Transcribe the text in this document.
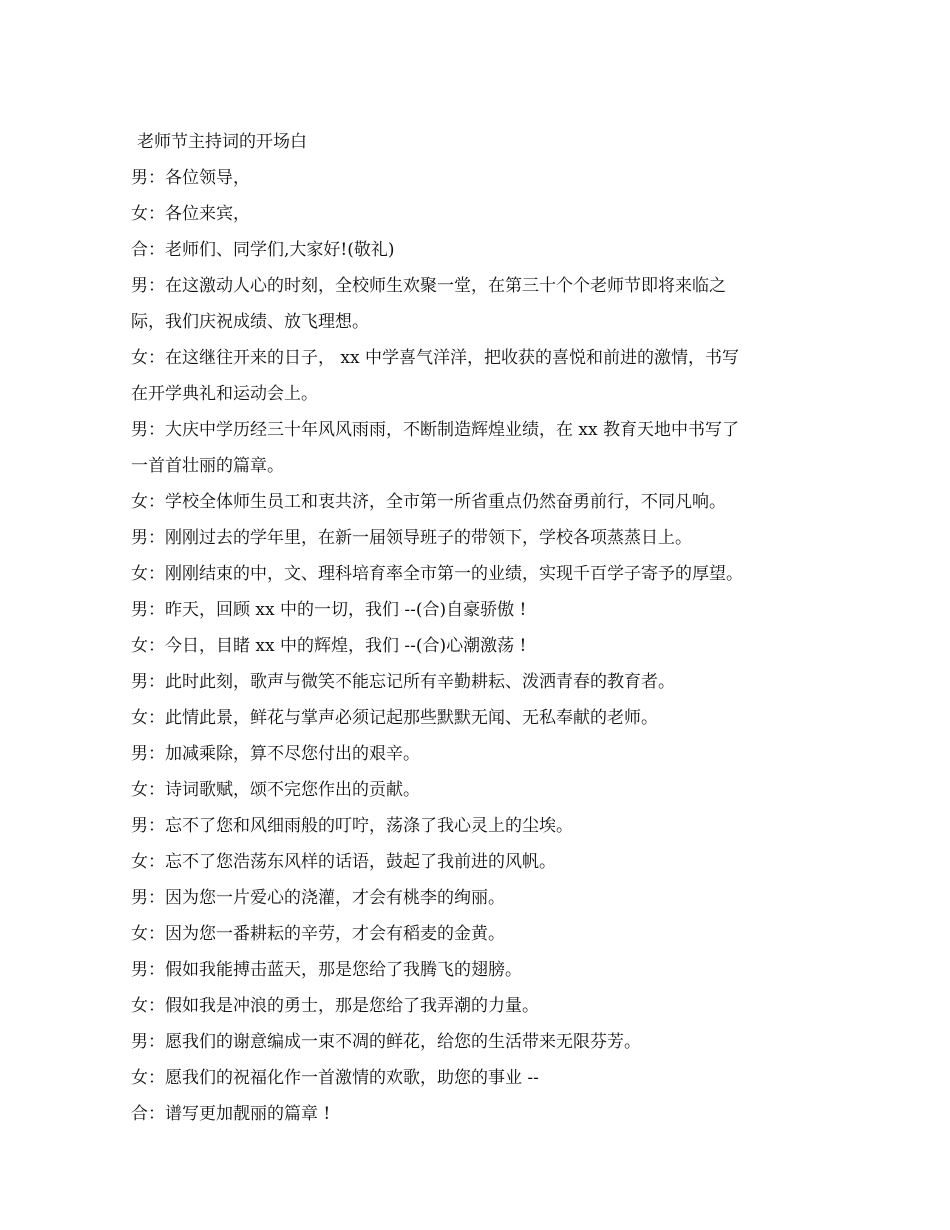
老师节主持词的开场白

男：各位领导，

女：各位来宾，

合：老师们、同学们,大家好!(敬礼)

男：在这激动人心的时刻，全校师生欢聚一堂，在第三十个个老师节即将来临之

际，我们庆祝成绩、放飞理想。

女：在这继往开来的日子， xx 中学喜气洋洋，把收获的喜悦和前进的激情，书写

在开学典礼和运动会上。

男：大庆中学历经三十年风风雨雨，不断制造辉煌业绩，在 xx 教育天地中书写了

一首首壮丽的篇章。

女：学校全体师生员工和衷共济，全市第一所省重点仍然奋勇前行，不同凡响。

男：刚刚过去的学年里，在新一届领导班子的带领下，学校各项蒸蒸日上。

女：刚刚结束的中，文、理科培育率全市第一的业绩，实现千百学子寄予的厚望。

男：昨天，回顾 xx 中的一切，我们 --(合)自豪骄傲 !

女：今日，目睹 xx 中的辉煌，我们 --(合)心潮激荡 !

男：此时此刻，歌声与微笑不能忘记所有辛勤耕耘、泼洒青春的教育者。

女：此情此景，鲜花与掌声必须记起那些默默无闻、无私奉献的老师。

男：加减乘除，算不尽您付出的艰辛。

女：诗词歌赋，颂不完您作出的贡献。

男：忘不了您和风细雨般的叮咛，荡涤了我心灵上的尘埃。

女：忘不了您浩荡东风样的话语，鼓起了我前进的风帆。

男：因为您一片爱心的浇灌，才会有桃李的绚丽。

女：因为您一番耕耘的辛劳，才会有稻麦的金黄。

男：假如我能搏击蓝天，那是您给了我腾飞的翅膀。

女：假如我是冲浪的勇士，那是您给了我弄潮的力量。

男：愿我们的谢意编成一束不凋的鲜花，给您的生活带来无限芬芳。

女：愿我们的祝福化作一首激情的欢歌，助您的事业 --

合：谱写更加靓丽的篇章 !
